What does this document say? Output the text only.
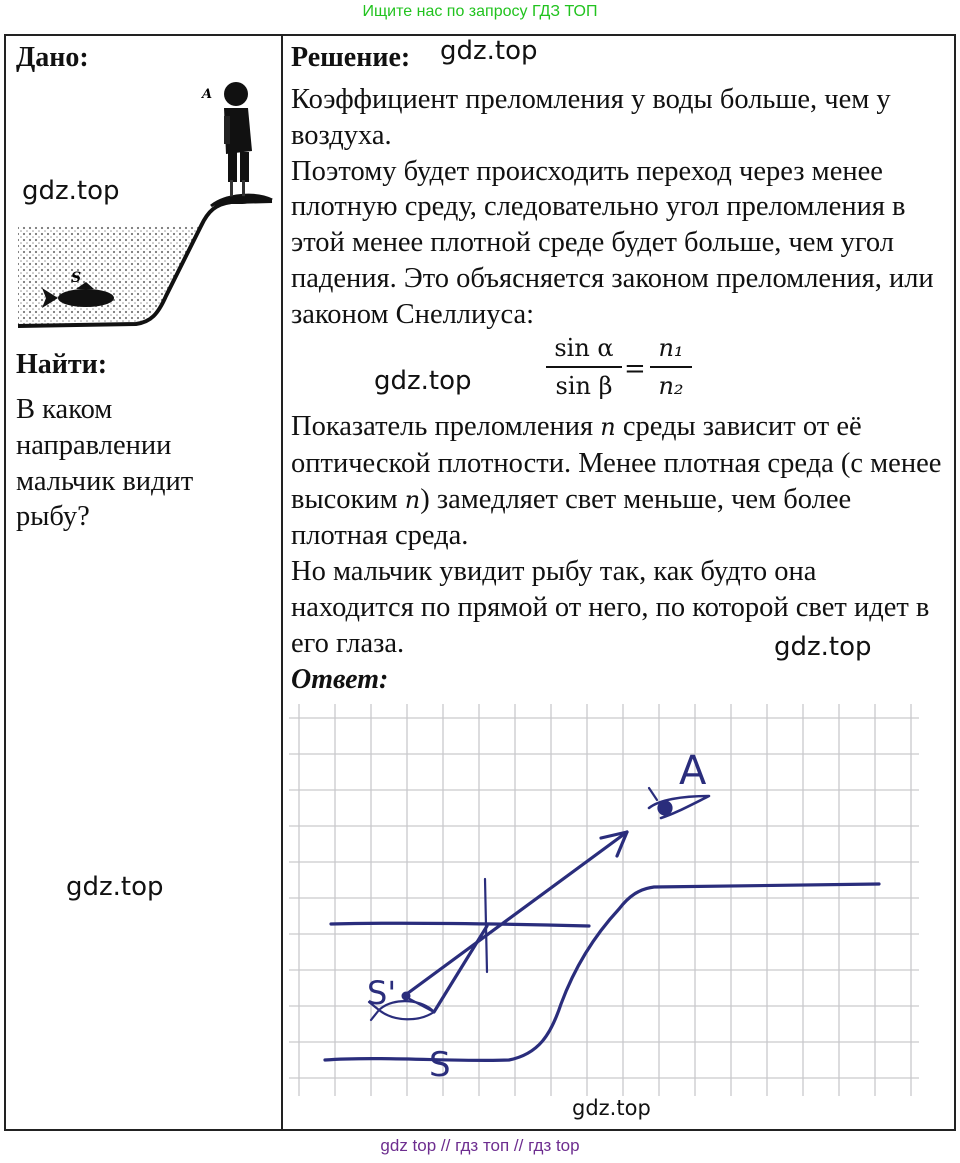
Ищите нас по запросу ГДЗ ТОП
Дано:
A
S
Найти:
В каком направлении мальчик видит рыбу?
Решение:

Коэффициент преломления у воды больше, чем у воздуха.

Поэтому будет происходить переход через менее плотную среду, следовательно угол преломления в этой менее плотной среде будет больше, чем угол падения. Это объясняется законом преломления, или законом Снеллиуса:

sin α
sin β
=
n₁
n₂

Показатель преломления n среды зависит от её оптической плотности. Менее плотная среда (с менее высоким n) замедляет свет меньше, чем более плотная среда.

Но мальчик увидит рыбу так, как будто она находится по прямой от него, по которой свет идет в его глаза.

Ответ:
A
S'
S
gdz.top
gdz.top
gdz.top
gdz.top
gdz.top
gdz.top
gdz top // гдз топ // гдз top
